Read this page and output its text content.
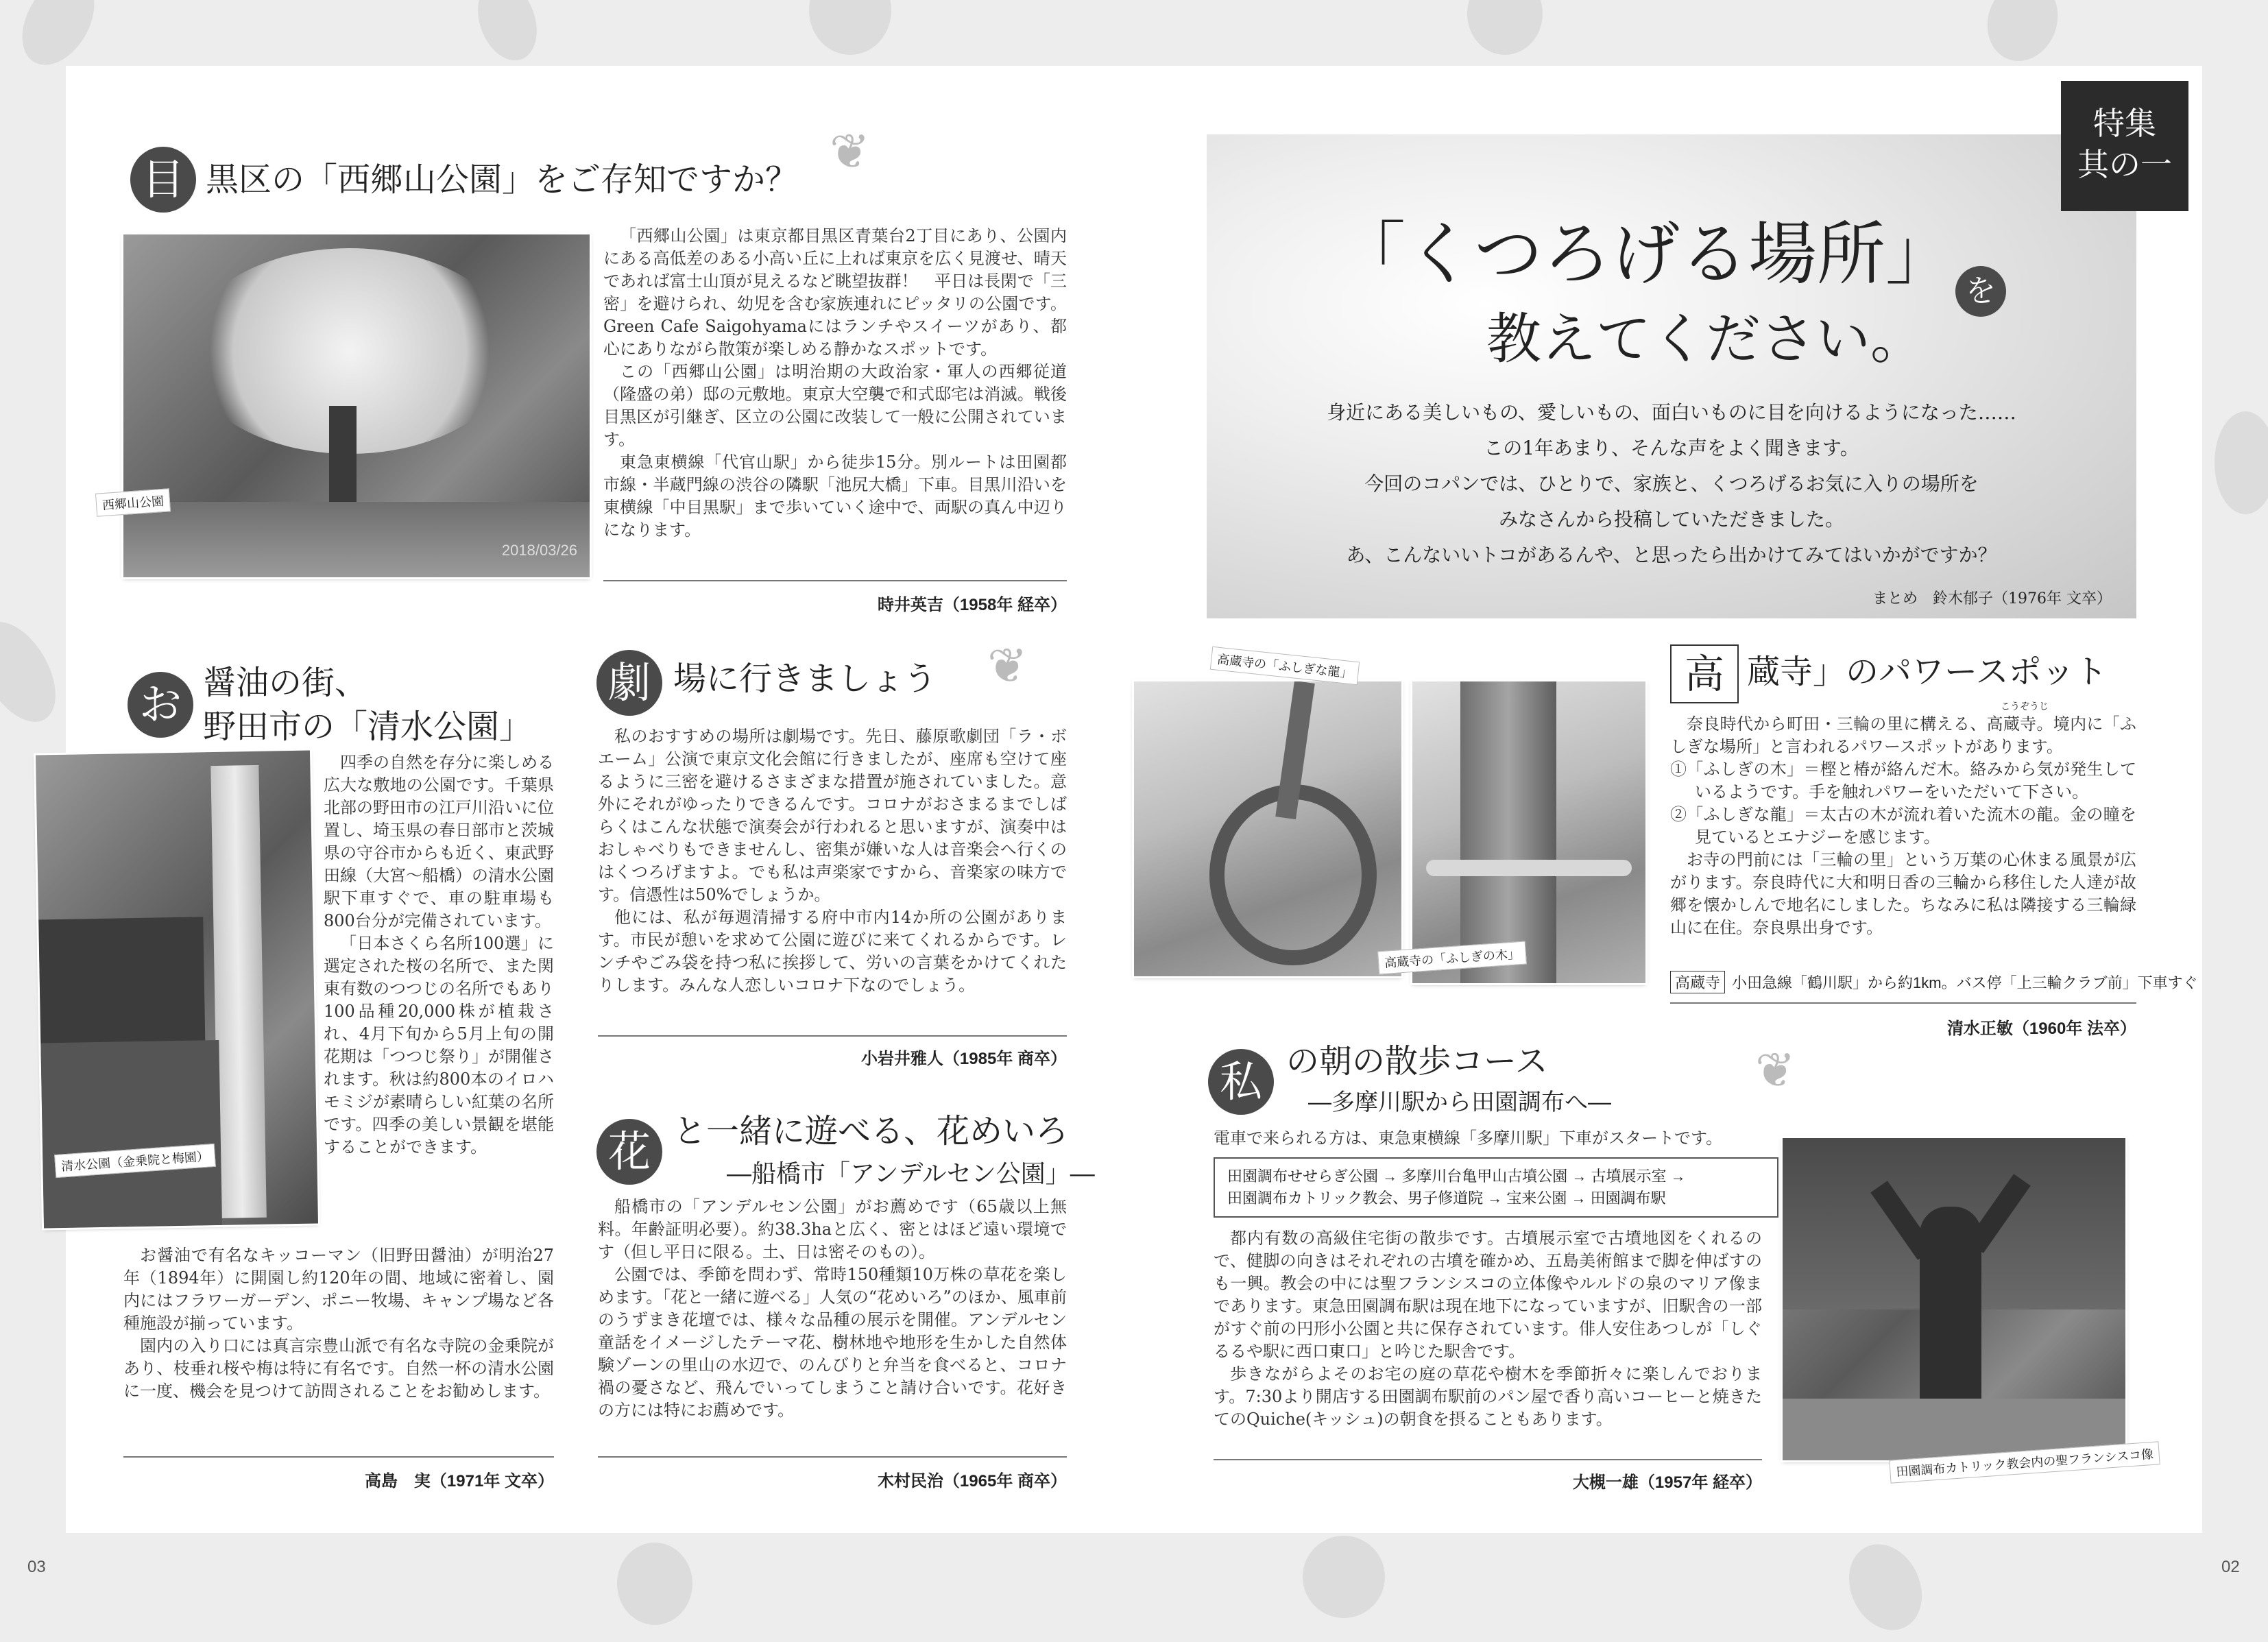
目 黒区の「西郷山公園」をご存知ですか？ ❦
2018/03/26
西郷山公園

「西郷山公園」は東京都目黒区青葉台2丁目にあり、公園内にある高低差のある小高い丘に上れば東京を広く見渡せ、晴天であれば富士山頂が見えるなど眺望抜群！　平日は長閑で「三密」を避けられ、幼児を含む家族連れにピッタリの公園です。Green Cafe Saigohyamaにはランチやスイーツがあり、都心にありながら散策が楽しめる静かなスポットです。

この「西郷山公園」は明治期の大政治家・軍人の西郷従道（隆盛の弟）邸の元敷地。東京大空襲で和式邸宅は消滅。戦後目黒区が引継ぎ、区立の公園に改装して一般に公開されています。

東急東横線「代官山駅」から徒歩15分。別ルートは田園都市線・半蔵門線の渋谷の隣駅「池尻大橋」下車。目黒川沿いを東横線「中目黒駅」まで歩いていく途中で、両駅の真ん中辺りになります。

時井英吉（1958年 経卒）
お 醤油の街、
野田市の「清水公園」
清水公園（金乗院と梅園）

四季の自然を存分に楽しめる広大な敷地の公園です。千葉県北部の野田市の江戸川沿いに位置し、埼玉県の春日部市と茨城県の守谷市からも近く、東武野田線（大宮～船橋）の清水公園駅下車すぐで、車の駐車場も800台分が完備されています。

「日本さくら名所100選」に選定された桜の名所で、また関東有数のつつじの名所でもあり100品種20,000株が植栽され、4月下旬から5月上旬の開花期は「つつじ祭り」が開催されます。秋は約800本のイロハモミジが素晴らしい紅葉の名所です。四季の美しい景観を堪能することができます。

お醤油で有名なキッコーマン（旧野田醤油）が明治27年（1894年）に開園し約120年の間、地域に密着し、園内にはフラワーガーデン、ポニー牧場、キャンプ場など各種施設が揃っています。

園内の入り口には真言宗豊山派で有名な寺院の金乗院があり、枝垂れ桜や梅は特に有名です。自然一杯の清水公園に一度、機会を見つけて訪問されることをお勧めします。

高島　実（1971年 文卒）
劇 場に行きましょう ❦

私のおすすめの場所は劇場です。先日、藤原歌劇団「ラ・ボエーム」公演で東京文化会館に行きましたが、座席も空けて座るように三密を避けるさまざまな措置が施されていました。意外にそれがゆったりできるんです。コロナがおさまるまでしばらくはこんな状態で演奏会が行われると思いますが、演奏中はおしゃべりもできませんし、密集が嫌いな人は音楽会へ行くのはくつろげますよ。でも私は声楽家ですから、音楽家の味方です。信憑性は50%でしょうか。

他には、私が毎週清掃する府中市内14か所の公園があります。市民が憩いを求めて公園に遊びに来てくれるからです。レンチやごみ袋を持つ私に挨拶して、労いの言葉をかけてくれたりします。みんな人恋しいコロナ下なのでしょう。

小岩井雅人（1985年 商卒）
花 と一緒に遊べる、花めいろ
―船橋市「アンデルセン公園」―

船橋市の「アンデルセン公園」がお薦めです（65歳以上無料。年齢証明必要）。約38.3haと広く、密とはほど遠い環境です（但し平日に限る。土、日は密そのもの）。

公園では、季節を問わず、常時150種類10万株の草花を楽しめます。「花と一緒に遊べる」人気の“花めいろ”のほか、風車前のうずまき花壇では、様々な品種の展示を開催。アンデルセン童話をイメージしたテーマ花、樹林地や地形を生かした自然体験ゾーンの里山の水辺で、のんびりと弁当を食べると、コロナ禍の憂さなど、飛んでいってしまうこと請け合いです。花好きの方には特にお薦めです。

木村民治（1965年 商卒）
03
特集
其の一
「くつろげる場所」 を
教えてください。
身近にある美しいもの、愛しいもの、面白いものに目を向けるようになった……
この1年あまり、そんな声をよく聞きます。
今回のコパンでは、ひとりで、家族と、くつろげるお気に入りの場所を
みなさんから投稿していただきました。
あ、こんないいトコがあるんや、と思ったら出かけてみてはいかがですか？
まとめ　鈴木郁子（1976年 文卒）
高蔵寺の「ふしぎな龍」
高蔵寺の「ふしぎの木」
高
こうぞうじ
蔵寺」のパワースポット

奈良時代から町田・三輪の里に構える、高蔵寺。境内に「ふしぎな場所」と言われるパワースポットがあります。

①「ふしぎの木」＝樫と椿が絡んだ木。絡みから気が発生しているようです。手を触れパワーをいただいて下さい。

②「ふしぎな龍」＝太古の木が流れ着いた流木の龍。金の瞳を見ているとエナジーを感じます。

お寺の門前には「三輪の里」という万葉の心休まる風景が広がります。奈良時代に大和明日香の三輪から移住した人達が故郷を懐かしんで地名にしました。ちなみに私は隣接する三輪緑山に在住。奈良県出身です。

高蔵寺 小田急線「鶴川駅」から約1km。バス停「上三輪クラブ前」下車すぐ
清水正敏（1960年 法卒）
私 の朝の散歩コース
―多摩川駅から田園調布へ―
❦
電車で来られる方は、東急東横線「多摩川駅」下車がスタートです。
田園調布せせらぎ公園 → 多摩川台亀甲山古墳公園 → 古墳展示室 →
田園調布カトリック教会、男子修道院 → 宝来公園 → 田園調布駅

都内有数の高級住宅街の散歩です。古墳展示室で古墳地図をくれるので、健脚の向きはそれぞれの古墳を確かめ、五島美術館まで脚を伸ばすのも一興。教会の中には聖フランシスコの立体像やルルドの泉のマリア像まであります。東急田園調布駅は現在地下になっていますが、旧駅舎の一部がすぐ前の円形小公園と共に保存されています。俳人安住あつしが「しぐるるや駅に西口東口」と吟じた駅舎です。

歩きながらよそのお宅の庭の草花や樹木を季節折々に楽しんでおります。7:30より開店する田園調布駅前のパン屋で香り高いコーヒーと焼きたてのQuiche(キッシュ)の朝食を摂ることもあります。

大槻一雄（1957年 経卒）
田園調布カトリック教会内の聖フランシスコ像
02
